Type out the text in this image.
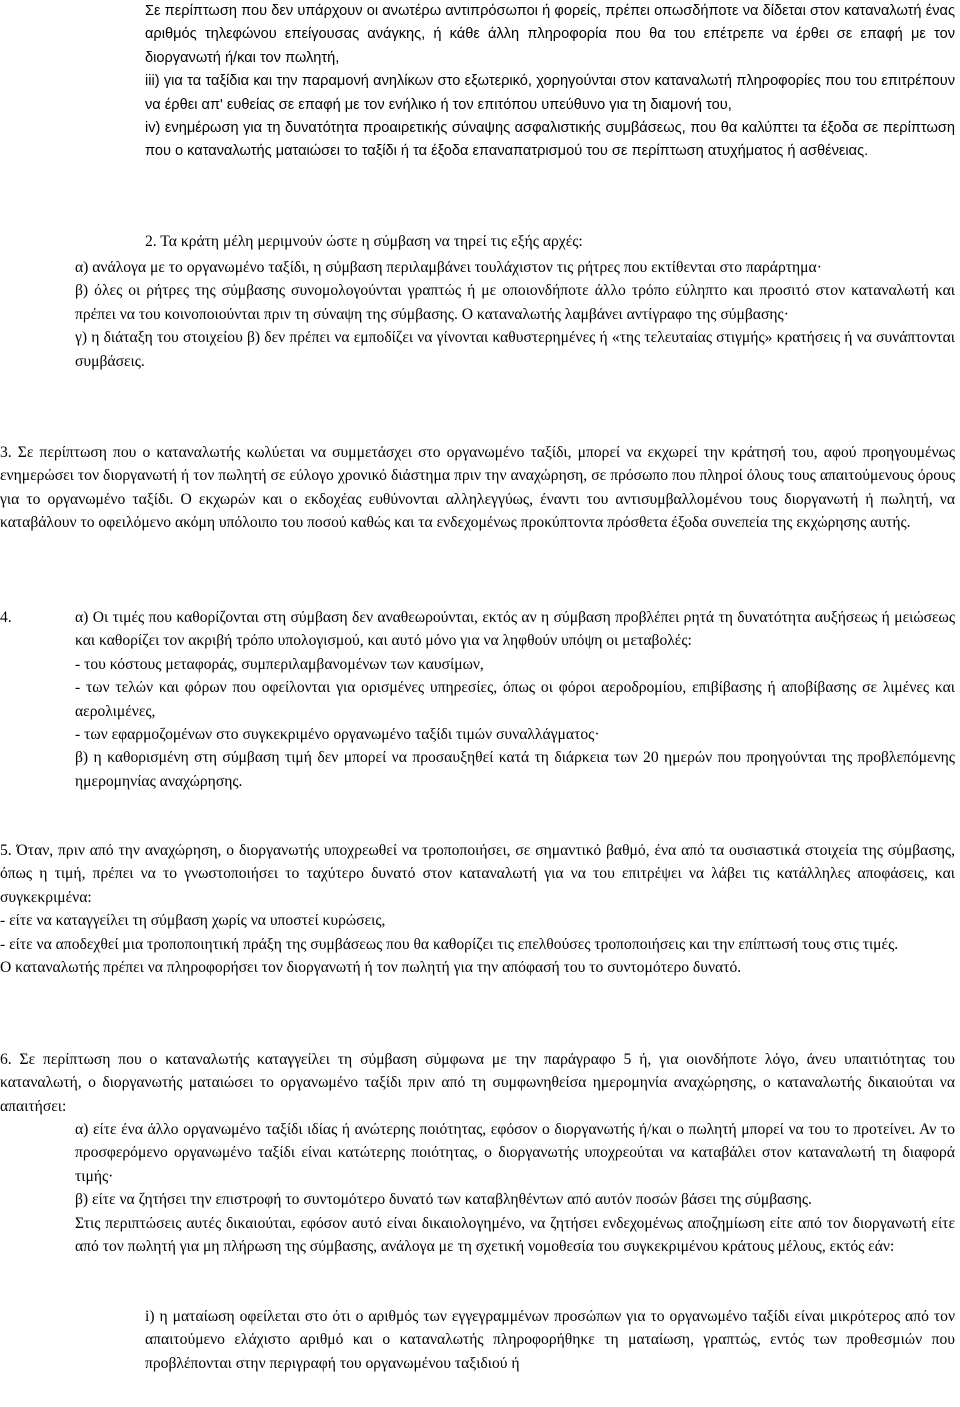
Σε περίπτωση που δεν υπάρχουν οι ανωτέρω αντιπρόσωποι ή φορείς, πρέπει οπωσδήποτε να δίδεται στον καταναλωτή ένας αριθμός τηλεφώνου επείγουσας ανάγκης, ή κάθε άλλη πληροφορία που θα του επέτρεπε να έρθει σε επαφή με τον διοργανωτή ή/και τον πωλητή,

iii) για τα ταξίδια και την παραμονή ανηλίκων στο εξωτερικό, χορηγούνται στον καταναλωτή πληροφορίες που του επιτρέπουν να έρθει απ' ευθείας σε επαφή με τον ενήλικο ή τον επιτόπου υπεύθυνο για τη διαμονή του,

iv) ενημέρωση για τη δυνατότητα προαιρετικής σύναψης ασφαλιστικής συμβάσεως, που θα καλύπτει τα έξοδα σε περίπτωση που ο καταναλωτής ματαιώσει το ταξίδι ή τα έξοδα επαναπατρισμού του σε περίπτωση ατυχήματος ή ασθένειας.

2. Τα κράτη μέλη μεριμνούν ώστε η σύμβαση να τηρεί τις εξής αρχές:

α) ανάλογα με το οργανωμένο ταξίδι, η σύμβαση περιλαμβάνει τουλάχιστον τις ρήτρες που εκτίθενται στο παράρτημα·

β) όλες οι ρήτρες της σύμβασης συνομολογούνται γραπτώς ή με οποιονδήποτε άλλο τρόπο εύληπτο και προσιτό στον καταναλωτή και πρέπει να του κοινοποιούνται πριν τη σύναψη της σύμβασης. Ο καταναλωτής λαμβάνει αντίγραφο της σύμβασης·

γ) η διάταξη του στοιχείου β) δεν πρέπει να εμποδίζει να γίνονται καθυστερημένες ή «της τελευταίας στιγμής» κρατήσεις ή να συνάπτονται συμβάσεις.

3. Σε περίπτωση που ο καταναλωτής κωλύεται να συμμετάσχει στο οργανωμένο ταξίδι, μπορεί να εκχωρεί την κράτησή του, αφού προηγουμένως ενημερώσει τον διοργανωτή ή τον πωλητή σε εύλογο χρονικό διάστημα πριν την αναχώρηση, σε πρόσωπο που πληροί όλους τους απαιτούμενους όρους για το οργανωμένο ταξίδι. Ο εκχωρών και ο εκδοχέας ευθύνονται αλληλεγγύως, έναντι του αντισυμβαλλομένου τους διοργανωτή ή πωλητή, να καταβάλουν το οφειλόμενο ακόμη υπόλοιπο του ποσού καθώς και τα ενδεχομένως προκύπτοντα πρόσθετα έξοδα συνεπεία της εκχώρησης αυτής.
4.	α) Οι τιμές που καθορίζονται στη σύμβαση δεν αναθεωρούνται, εκτός αν η σύμβαση προβλέπει ρητά τη δυνατότητα αυξήσεως ή μειώσεως και καθορίζει τον ακριβή τρόπο υπολογισμού, και αυτό μόνο για να ληφθούν υπόψη οι μεταβολές:

- του κόστους μεταφοράς, συμπεριλαμβανομένων των καυσίμων,

- των τελών και φόρων που οφείλονται για ορισμένες υπηρεσίες, όπως οι φόροι αεροδρομίου, επιβίβασης ή αποβίβασης σε λιμένες και αερολιμένες,

- των εφαρμοζομένων στο συγκεκριμένο οργανωμένο ταξίδι τιμών συναλλάγματος·

β) η καθορισμένη στη σύμβαση τιμή δεν μπορεί να προσαυξηθεί κατά τη διάρκεια των 20 ημερών που προηγούνται της προβλεπόμενης ημερομηνίας αναχώρησης.

5. Όταν, πριν από την αναχώρηση, ο διοργανωτής υποχρεωθεί να τροποποιήσει, σε σημαντικό βαθμό, ένα από τα ουσιαστικά στοιχεία της σύμβασης, όπως η τιμή, πρέπει να το γνωστοποιήσει το ταχύτερο δυνατό στον καταναλωτή για να του επιτρέψει να λάβει τις κατάλληλες αποφάσεις, και συγκεκριμένα:

- είτε να καταγγείλει τη σύμβαση χωρίς να υποστεί κυρώσεις,

- είτε να αποδεχθεί μια τροποποιητική πράξη της συμβάσεως που θα καθορίζει τις επελθούσες τροποποιήσεις και την επίπτωσή τους στις τιμές.

Ο καταναλωτής πρέπει να πληροφορήσει τον διοργανωτή ή τον πωλητή για την απόφασή του το συντομότερο δυνατό.

6. Σε περίπτωση που ο καταναλωτής καταγγείλει τη σύμβαση σύμφωνα με την παράγραφο 5 ή, για οιονδήποτε λόγο, άνευ υπαιτιότητας του καταναλωτή, ο διοργανωτής ματαιώσει το οργανωμένο ταξίδι πριν από τη συμφωνηθείσα ημερομηνία αναχώρησης, ο καταναλωτής δικαιούται να απαιτήσει:

α) είτε ένα άλλο οργανωμένο ταξίδι ιδίας ή ανώτερης ποιότητας, εφόσον ο διοργανωτής ή/και ο πωλητή μπορεί να του το προτείνει. Αν το προσφερόμενο οργανωμένο ταξίδι είναι κατώτερης ποιότητας, ο διοργανωτής υποχρεούται να καταβάλει στον καταναλωτή τη διαφορά τιμής·

β) είτε να ζητήσει την επιστροφή το συντομότερο δυνατό των καταβληθέντων από αυτόν ποσών βάσει της σύμβασης.

Στις περιπτώσεις αυτές δικαιούται, εφόσον αυτό είναι δικαιολογημένο, να ζητήσει ενδεχομένως αποζημίωση είτε από τον διοργανωτή είτε από τον πωλητή για μη πλήρωση της σύμβασης, ανάλογα με τη σχετική νομοθεσία του συγκεκριμένου κράτους μέλους, εκτός εάν:

i) η ματαίωση οφείλεται στο ότι ο αριθμός των εγγεγραμμένων προσώπων για το οργανωμένο ταξίδι είναι μικρότερος από τον απαιτούμενο ελάχιστο αριθμό και ο καταναλωτής πληροφορήθηκε τη ματαίωση, γραπτώς, εντός των προθεσμιών που προβλέπονται στην περιγραφή του οργανωμένου ταξιδιού ή
